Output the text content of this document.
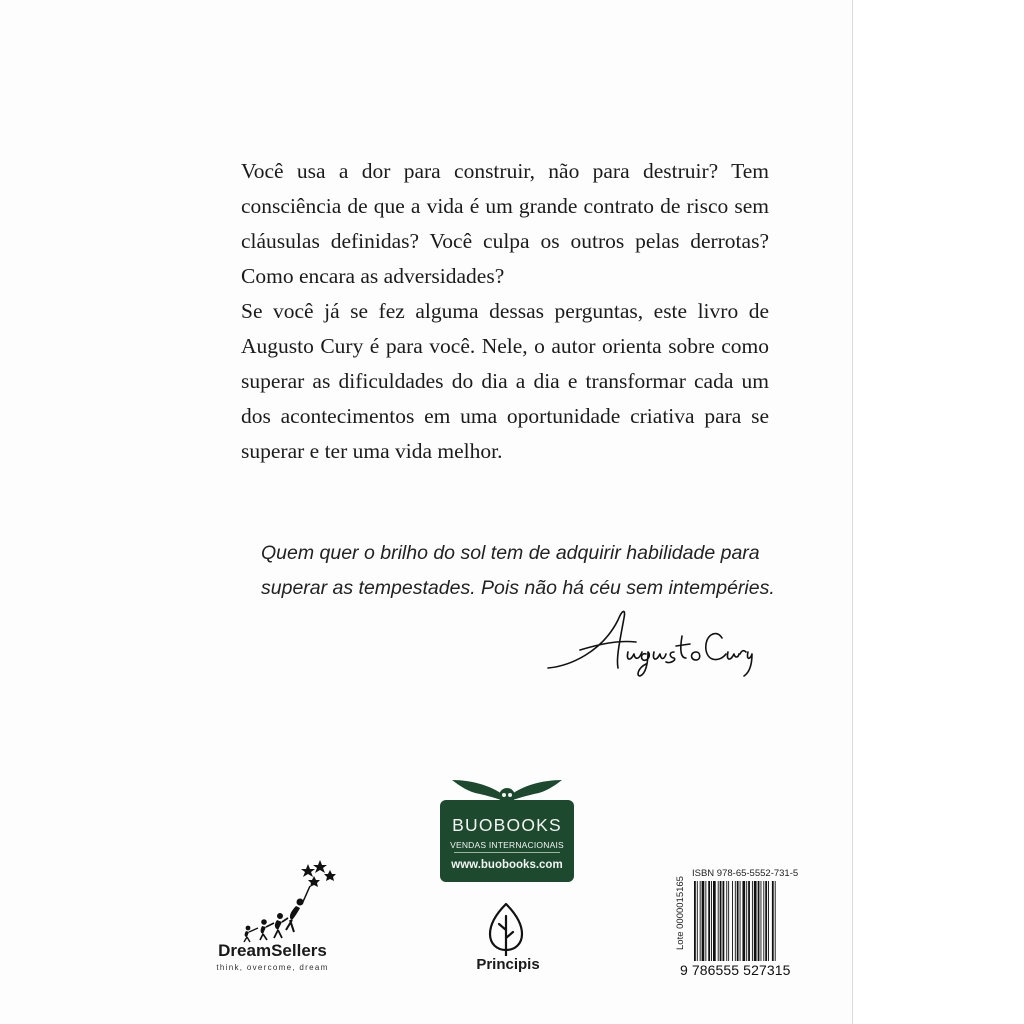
Você usa a dor para construir, não para destruir? Tem consciência de que a vida é um grande contrato de risco sem cláusulas definidas? Você culpa os outros pelas derrotas? Como encara as adversidades?

Se você já se fez alguma dessas perguntas, este livro de Augusto Cury é para você. Nele, o autor orienta sobre como superar as dificuldades do dia a dia e transformar cada um dos acontecimentos em uma oportunidade criativa para se superar e ter uma vida melhor.

Quem quer o brilho do sol tem de adquirir habilidade para
superar as tempestades. Pois não há céu sem intempéries.
BUOBOOKS
VENDAS INTERNACIONAIS
www.buobooks.com
DreamSellers
think, overcome, dream	Principis
ISBN 978-65-5552-731-5
Lote 0000015165
9 786555 527315
